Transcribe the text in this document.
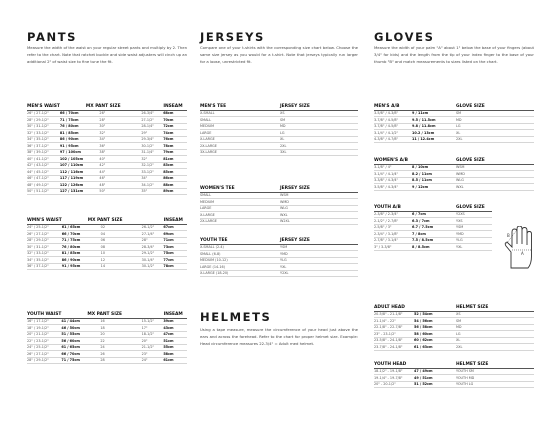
PANTS

Measure the width of the waist on your regular street pants and multiply by 2. Then refer to the chart. Note that ratchet buckle and side waist adjusters will cinch up an additional 2" of waist size to fine tune the fit.

MEN'S WAIST	MX PANT SIZE		INSEAM	
26" / 27-1/2"	66 / 70cm	26"	26-3/4"	68cm
28" / 29-1/2"	71 / 75cm	28"	27-1/2"	70cm
30" / 31-1/2"	76 / 80cm	30"	28-1/4"	72cm
32" / 33-1/2"	81 / 85cm	32"	29"	74cm
34" / 35-1/2"	86 / 90cm	34"	29-3/4"	76cm
36" / 37-1/2"	91 / 95cm	36"	30-1/2"	78cm
38" / 39-1/2"	97 / 100cm	38"	31-1/4"	79cm
40" / 41-1/2"	102 / 105cm	40"	32"	81cm
42" / 43-1/2"	107 / 110cm	42"	32-1/2"	83cm
44" / 45-1/2"	112 / 116cm	44"	33-1/2"	85cm
46" / 47-1/2"	117 / 119cm	46"	34"	86cm
48" / 49-1/2"	122 / 126cm	48"	34-1/2"	88cm
50" / 51-1/2"	127 / 131cm	50"	35"	89cm
WMN'S WAIST	MX PANT SIZE		INSEAM	
24" / 25-1/2"	61 / 65cm	02	26-1/2"	67cm
26" / 27-1/2"	66 / 70cm	04	27-1/4"	69cm
28" / 29-1/2"	71 / 75cm	06	28"	71cm
30" / 31-1/2"	76 / 80cm	08	28-3/4"	73cm
32" / 33-1/2"	81 / 85cm	10	29-1/2"	75cm
34" / 35-1/2"	86 / 90cm	12	30-1/4"	77cm
36" / 37-1/2"	91 / 95cm	14	30-1/2"	78cm
YOUTH WAIST	MX PANT SIZE		INSEAM	
16" / 17-1/2"	41 / 44cm	16	15-1/2"	39cm
18" / 19-1/2"	46 / 50cm	18	17"	43cm
20" / 21-1/2"	51 / 55cm	20	18-1/2"	47cm
22" / 23-1/2"	56 / 60cm	22	20"	51cm
24" / 25-1/2"	61 / 65cm	24	21-1/2"	55cm
26" / 27-1/2"	66 / 70cm	26	23"	58cm
28" / 29-1/2"	71 / 75cm	28	24"	61cm
JERSEYS

Compare one of your t-shirts with the corresponding size chart below. Choose the same size jersey as you would for a t-shirt. Note that jerseys typically run larger for a loose, unrestricted fit.

MEN'S TEE	JERSEY SIZE
X-SMALL	XS
SMALL	SM
MEDIUM	MD
LARGE	LG
X-LARGE	XL
2X-LARGE	2XL
3X-LARGE	3XL
WOMEN'S TEE	JERSEY SIZE
SMALL	WSM
MEDIUM	WMD
LARGE	WLG
X-LARGE	WXL
2X-LARGE	W2XL
YOUTH TEE	JERSEY SIZE
X-SMALL (2-4)	YSM
SMALL (6-8)	YMD
MEDIUM (10-12)	YLG
LARGE (14-16)	YXL
X-LARGE (18-20)	Y2XL
HELMETS

Using a tape measure, measure the circumference of your head just above the ears and across the forehead. Refer to the chart for proper helmet size. Example: Head circumference measures 22-3/4" = Adult med helmet.

GLOVES

Measure the width of your palm "A" about 1" below the base of your fingers (about 3/4" for kids) and the length from the tip of your index finger to the base of your thumb "B" and match measurements to sizes listed on the chart.

MEN'S A/B		GLOVE SIZE
3-5/8" / 4-3/8"	9 / 11cm	SM
3-7/8" / 4-5/8"	9.5 / 11.5cm	MD
3-7/8" / 4-5/8"	9.8 / 11.8cm	LG
3-1/4" / 4-1/2"	10.2 / 13cm	XL
4-3/8" / 4-7/8"	11 / 12.4cm	2XL
WOMEN'S A/B		GLOVE SIZE
3-1/8" / 4"	8 / 10cm	WSM
3-1/4" / 4-1/4"	8.2 / 11cm	WMD
3-3/8" / 4-3/4"	8.5 / 11cm	WLG
3-5/8" / 4-3/4"	9 / 12cm	WXL
YOUTH A/B		GLOVE SIZE
2-3/8" / 2-3/4"	6 / 7cm	Y2XS
2-1/2" / 2-7/8"	6.3 / 7cm	YXS
2-5/8" / 3"	6.7 / 7.5cm	YSM
2-3/4" / 3-1/8"	7 / 8cm	YMD
2-7/8" / 3-1/4"	7.5 / 8.5cm	YLG
3" / 3-3/8"	8 / 8.5cm	YXL
A
B
ADULT HEAD		HELMET SIZE
20-5/8" - 21-1/8"	52 / 54cm	XS
21-1/4" - 22"	54 / 56cm	SM
22-1/8" - 22-7/8"	56 / 58cm	MD
23" - 23-1/2"	58 / 60cm	LG
23-5/8" - 24-1/8"	60 / 62cm	XL
23-7/8" - 24-1/8"	61 / 63cm	2XL
YOUTH HEAD		HELMET SIZE
18-1/2" - 19-1/8"	47 / 49cm	YOUTH SM
19-1/4" - 19-7/8"	49 / 51cm	YOUTH MD
20" - 20-1/2"	51 / 52cm	YOUTH LG
